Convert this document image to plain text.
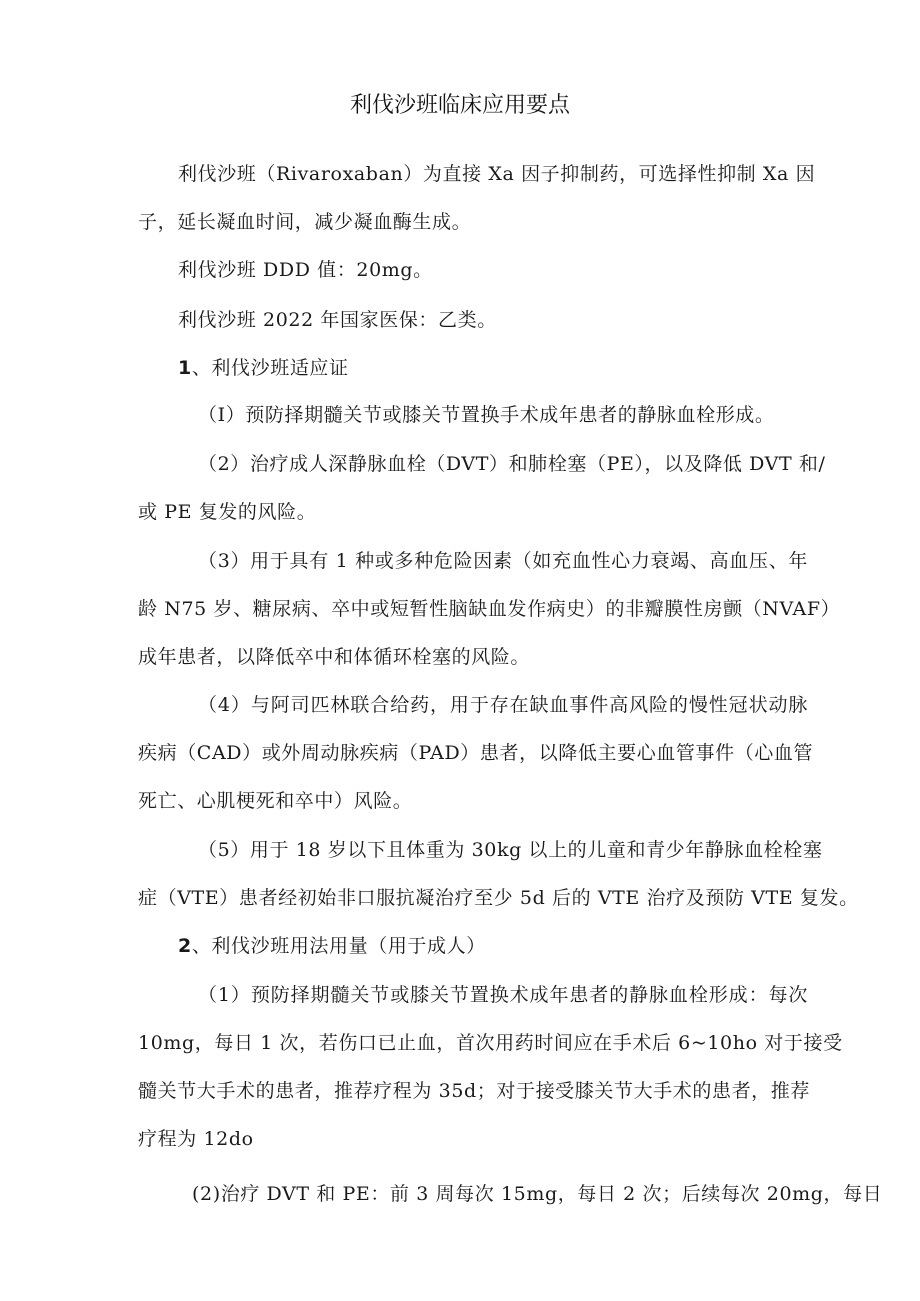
利伐沙班临床应用要点
利伐沙班（Rivaroxaban）为直接 Xa 因子抑制药，可选择性抑制 Xa 因
子，延长凝血时间，减少凝血酶生成。
利伐沙班 DDD 值：20mg。
利伐沙班 2022 年国家医保：乙类。
1、利伐沙班适应证
（I）预防择期髓关节或膝关节置换手术成年患者的静脉血栓形成。
（2）治疗成人深静脉血栓（DVT）和肺栓塞（PE），以及降低 DVT 和/
或 PE 复发的风险。
（3）用于具有 1 种或多种危险因素（如充血性心力衰竭、高血压、年
龄 N75 岁、糖尿病、卒中或短暂性脑缺血发作病史）的非瓣膜性房颤（NVAF）
成年患者，以降低卒中和体循环栓塞的风险。
（4）与阿司匹林联合给药，用于存在缺血事件高风险的慢性冠状动脉
疾病（CAD）或外周动脉疾病（PAD）患者，以降低主要心血管事件（心血管
死亡、心肌梗死和卒中）风险。
（5）用于 18 岁以下且体重为 30kg 以上的儿童和青少年静脉血栓栓塞
症（VTE）患者经初始非口服抗凝治疗至少 5d 后的 VTE 治疗及预防 VTE 复发。
2、利伐沙班用法用量（用于成人）
（1）预防择期髓关节或膝关节置换术成年患者的静脉血栓形成：每次
10mg，每日 1 次，若伤口已止血，首次用药时间应在手术后 6~10ho 对于接受
髓关节大手术的患者，推荐疗程为 35d；对于接受膝关节大手术的患者，推荐
疗程为 12do
(2)治疗 DVT 和 PE：前 3 周每次 15mg，每日 2 次；后续每次 20mg，每日
